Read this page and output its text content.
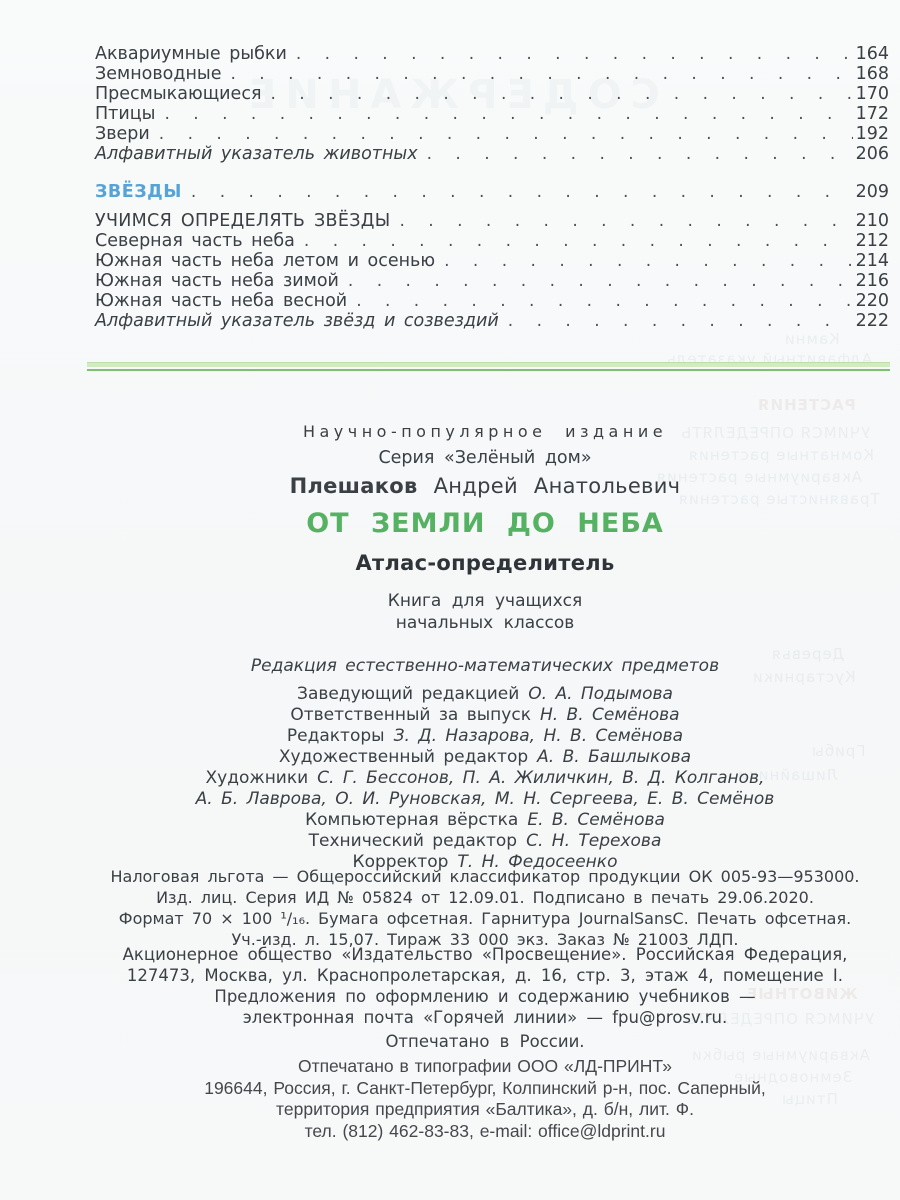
СОДЕРЖАНИЕ
Камни
Алфавитный указатель
РАСТЕНИЯ
УЧИМСЯ ОПРЕДЕЛЯТЬ
Комнатные растения
Аквариумные растения
Травянистые растения
Деревья
Кустарники
Грибы
Лишайники
ЖИВОТНЫЕ
УЧИМСЯ ОПРЕДЕЛЯТЬ
Аквариумные рыбки
Земноводные
Птицы
Аквариумные рыбки . . .	164
Земноводные . . .	168
Пресмыкающиеся . . .	170
Птицы . . .	172
Звери . . .	192
Алфавитный указатель животных . . .	206
ЗВЁЗДЫ . . .	209
УЧИМСЯ ОПРЕДЕЛЯТЬ ЗВЁЗДЫ . . .	210
Северная часть неба . . .	212
Южная часть неба летом и осенью . . .	214
Южная часть неба зимой . . .	216
Южная часть неба весной . . .	220
Алфавитный указатель звёзд и созвездий . . .	222
Научно-популярное издание
Серия «Зелёный дом»
Плешаков Андрей Анатольевич
ОТ ЗЕМЛИ ДО НЕБА
Атлас-определитель
Книга для учащихся
начальных классов
Редакция естественно-математических предметов
Заведующий редакцией О. А. Подымова
Ответственный за выпуск Н. В. Семёнова
Редакторы З. Д. Назарова, Н. В. Семёнова
Художественный редактор А. В. Башлыкова
Художники С. Г. Бессонов, П. А. Жиличкин, В. Д. Колганов,
А. Б. Лаврова, О. И. Руновская, М. Н. Сергеева, Е. В. Семёнов
Компьютерная вёрстка Е. В. Семёнова
Технический редактор С. Н. Терехова
Корректор Т. Н. Федосеенко
Налоговая льгота — Общероссийский классификатор продукции ОК 005-93—953000.
Изд. лиц. Серия ИД № 05824 от 12.09.01. Подписано в печать 29.06.2020.
Формат 70 × 100 ¹/₁₆. Бумага офсетная. Гарнитура JournalSansC. Печать офсетная.
Уч.-изд. л. 15,07. Тираж 33 000 экз. Заказ № 21003 ЛДП.
Акционерное общество «Издательство «Просвещение». Российская Федерация,
127473, Москва, ул. Краснопролетарская, д. 16, стр. 3, этаж 4, помещение I.
Предложения по оформлению и содержанию учебников —
электронная почта «Горячей линии» — fpu@prosv.ru.
Отпечатано в России.
Отпечатано в типографии ООО «ЛД-ПРИНТ»
196644, Россия, г. Санкт-Петербург, Колпинский р-н, пос. Саперный,
территория предприятия «Балтика», д. б/н, лит. Ф.
тел. (812) 462-83-83, e-mail: office@ldprint.ru
